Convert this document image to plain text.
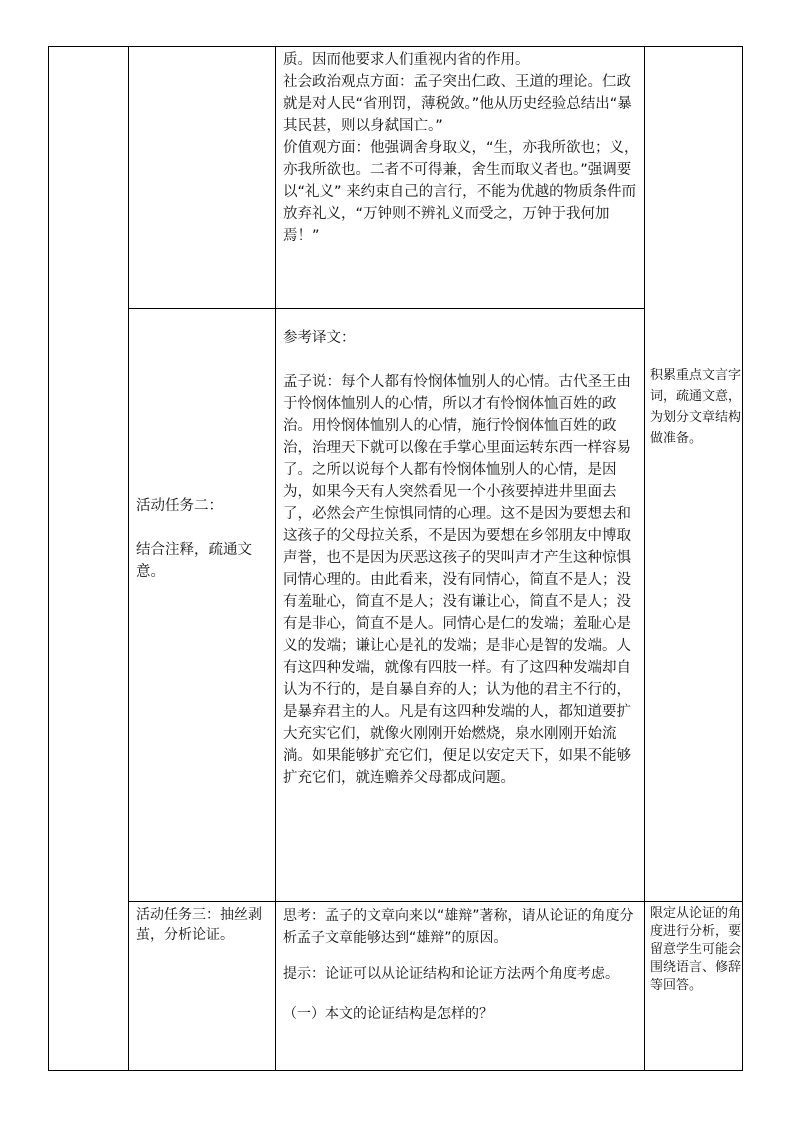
质。因而他要求人们重视内省的作用。

社会政治观点方面：孟子突出仁政、王道的理论。仁政就是对人民“省刑罚，薄税敛。”他从历史经验总结出“暴其民甚，则以身弑国亡。”

价值观方面：他强调舍身取义，“生，亦我所欲也；义，亦我所欲也。二者不可得兼，舍生而取义者也。”强调要以“礼义” 来约束自己的言行，不能为优越的物质条件而放弃礼义，“万钟则不辨礼义而受之，万钟于我何加焉！”

活动任务二：

结合注释，疏通文意。

参考译文：

孟子说：每个人都有怜悯体恤别人的心情。古代圣王由于怜悯体恤别人的心情，所以才有怜悯体恤百姓的政治。用怜悯体恤别人的心情，施行怜悯体恤百姓的政治，治理天下就可以像在手掌心里面运转东西一样容易了。之所以说每个人都有怜悯体恤别人的心情，是因为，如果今天有人突然看见一个小孩要掉进井里面去了，必然会产生惊惧同情的心理。这不是因为要想去和这孩子的父母拉关系，不是因为要想在乡邻朋友中博取声誉，也不是因为厌恶这孩子的哭叫声才产生这种惊惧同情心理的。由此看来，没有同情心，简直不是人；没有羞耻心，简直不是人；没有谦让心，简直不是人；没有是非心，简直不是人。同情心是仁的发端；羞耻心是义的发端；谦让心是礼的发端；是非心是智的发端。人有这四种发端，就像有四肢一样。有了这四种发端却自认为不行的，是自暴自弃的人；认为他的君主不行的，是暴弃君主的人。凡是有这四种发端的人，都知道要扩大充实它们，就像火刚刚开始燃烧，泉水刚刚开始流淌。如果能够扩充它们，便足以安定天下，如果不能够扩充它们，就连赡养父母都成问题。

积累重点文言字词，疏通文意，为划分文章结构做准备。

活动任务三：抽丝剥茧，分析论证。

思考：孟子的文章向来以“雄辩”著称，请从论证的角度分析孟子文章能够达到“雄辩”的原因。

提示：论证可以从论证结构和论证方法两个角度考虑。

（一）本文的论证结构是怎样的？

限定从论证的角度进行分析，要留意学生可能会围绕语言、修辞等回答。
